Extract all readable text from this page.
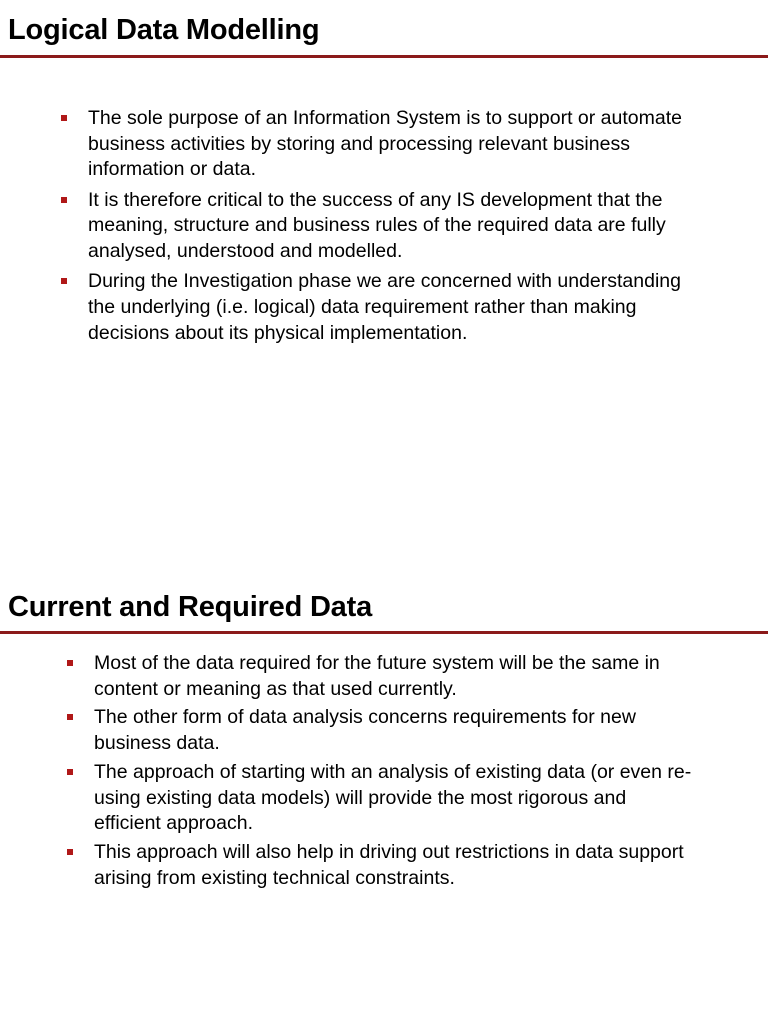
Logical Data Modelling
The sole purpose of an Information System is to support or automate business activities by storing and processing relevant business information or data.
It is therefore critical to the success of any IS development that the meaning, structure and business rules of the required data are fully analysed, understood and modelled.
During the Investigation phase we are concerned with understanding the underlying (i.e. logical) data requirement rather than making decisions about its physical implementation.
Current and Required Data
Most of the data required for the future system will be the same in content or meaning as that used currently.
The other form of data analysis concerns requirements for new business data.
The approach of starting with an analysis of existing data (or even re-using existing data models) will provide the most rigorous and efficient approach.
This approach will also help in driving out restrictions in data support arising from existing technical constraints.
